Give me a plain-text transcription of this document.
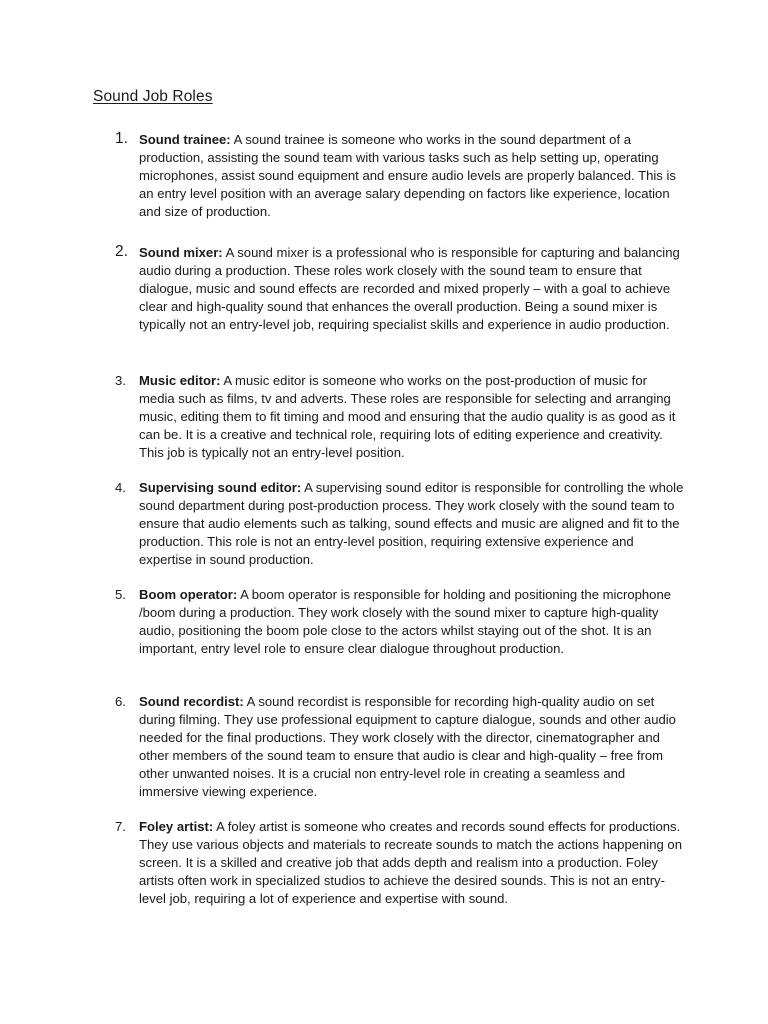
Sound Job Roles
1. Sound trainee: A sound trainee is someone who works in the sound department of a production, assisting the sound team with various tasks such as help setting up, operating microphones, assist sound equipment and ensure audio levels are properly balanced. This is an entry level position with an average salary depending on factors like experience, location and size of production.
2. Sound mixer: A sound mixer is a professional who is responsible for capturing and balancing audio during a production. These roles work closely with the sound team to ensure that dialogue, music and sound effects are recorded and mixed properly – with a goal to achieve clear and high-quality sound that enhances the overall production. Being a sound mixer is typically not an entry-level job, requiring specialist skills and experience in audio production.
3. Music editor: A music editor is someone who works on the post-production of music for media such as films, tv and adverts. These roles are responsible for selecting and arranging music, editing them to fit timing and mood and ensuring that the audio quality is as good as it can be. It is a creative and technical role, requiring lots of editing experience and creativity. This job is typically not an entry-level position.
4. Supervising sound editor: A supervising sound editor is responsible for controlling the whole sound department during post-production process. They work closely with the sound team to ensure that audio elements such as talking, sound effects and music are aligned and fit to the production. This role is not an entry-level position, requiring extensive experience and expertise in sound production.
5. Boom operator: A boom operator is responsible for holding and positioning the microphone /boom during a production. They work closely with the sound mixer to capture high-quality audio, positioning the boom pole close to the actors whilst staying out of the shot. It is an important, entry level role to ensure clear dialogue throughout production.
6. Sound recordist: A sound recordist is responsible for recording high-quality audio on set during filming. They use professional equipment to capture dialogue, sounds and other audio needed for the final productions. They work closely with the director, cinematographer and other members of the sound team to ensure that audio is clear and high-quality – free from other unwanted noises. It is a crucial non entry-level role in creating a seamless and immersive viewing experience.
7. Foley artist: A foley artist is someone who creates and records sound effects for productions. They use various objects and materials to recreate sounds to match the actions happening on screen. It is a skilled and creative job that adds depth and realism into a production. Foley artists often work in specialized studios to achieve the desired sounds. This is not an entry-level job, requiring a lot of experience and expertise with sound.
